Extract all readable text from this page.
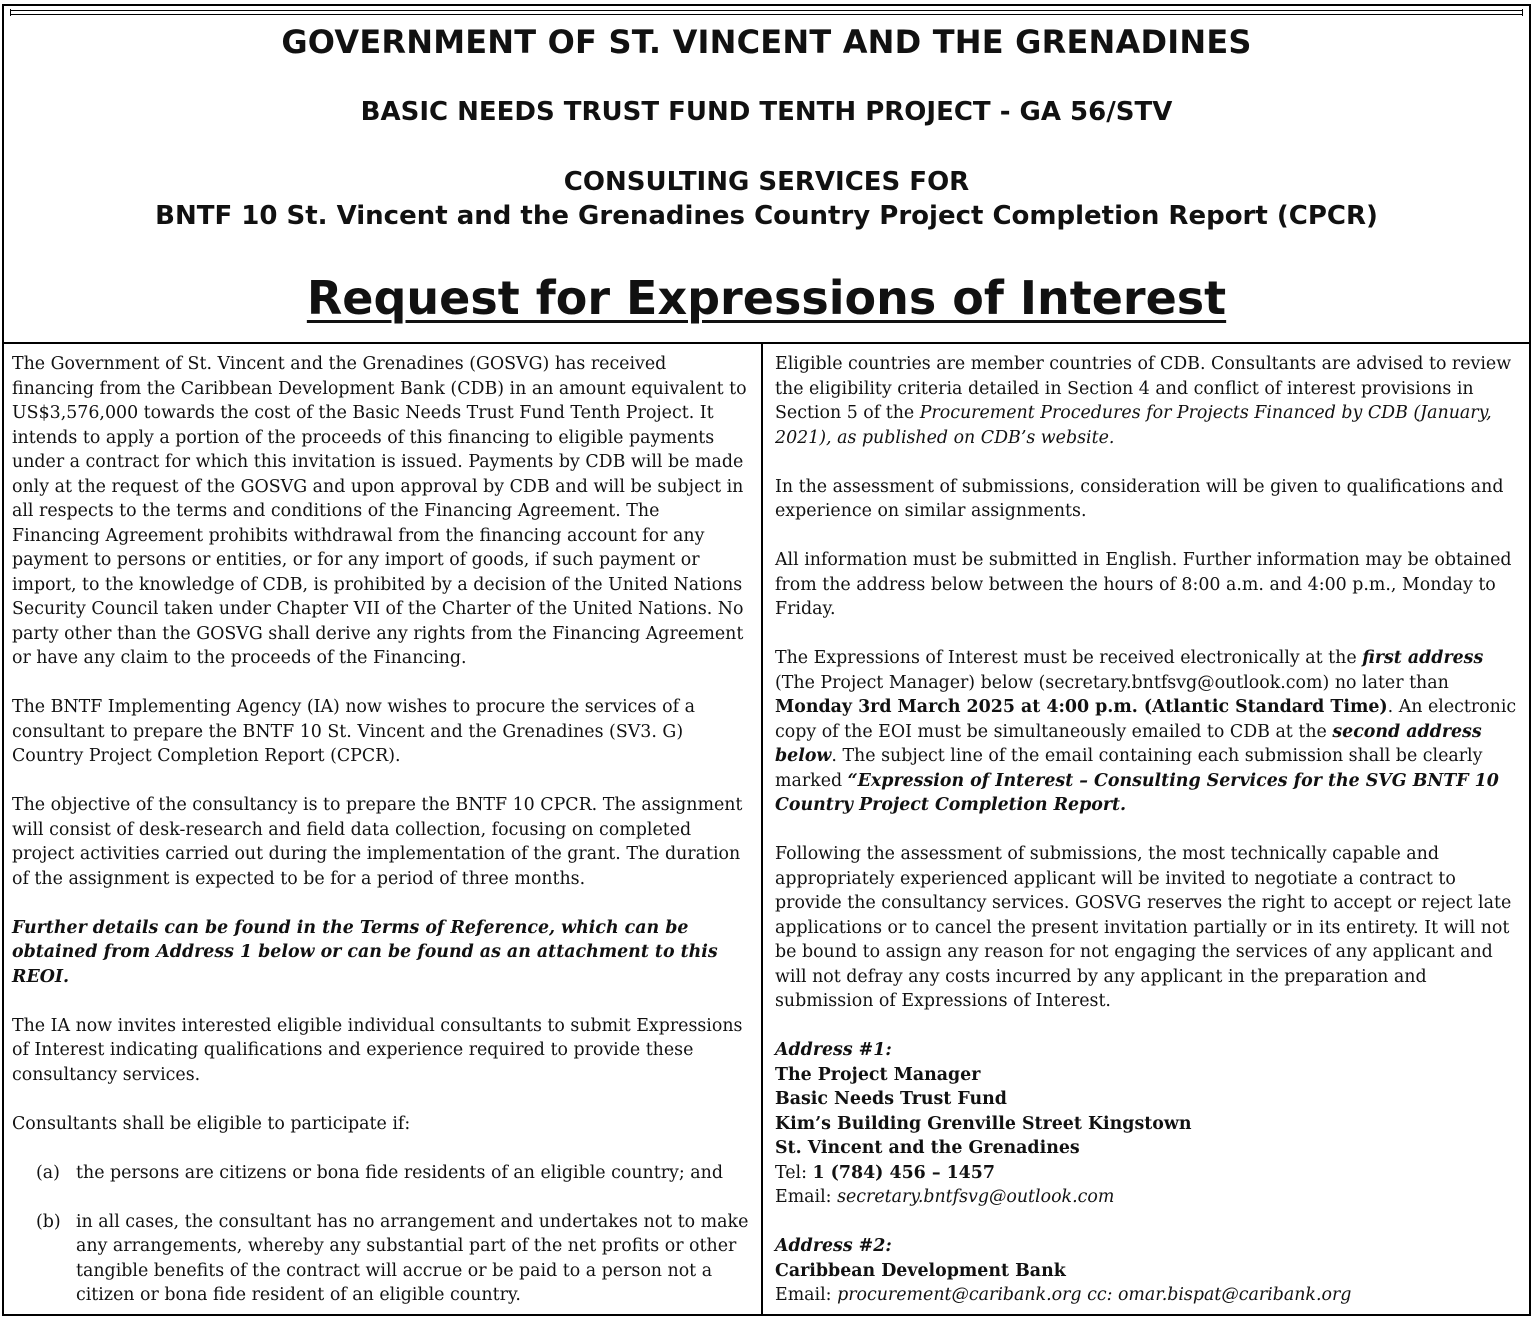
GOVERNMENT OF ST. VINCENT AND THE GRENADINES
BASIC NEEDS TRUST FUND TENTH PROJECT - GA 56/STV
CONSULTING SERVICES FOR
BNTF 10 St. Vincent and the Grenadines Country Project Completion Report (CPCR)
Request for Expressions of Interest

The Government of St. Vincent and the Grenadines (GOSVG) has received financing from the Caribbean Development Bank (CDB) in an amount equivalent to US$3,576,000 towards the cost of the Basic Needs Trust Fund Tenth Project. It intends to apply a portion of the proceeds of this financing to eligible payments under a contract for which this invitation is issued. Payments by CDB will be made only at the request of the GOSVG and upon approval by CDB and will be subject in all respects to the terms and conditions of the Financing Agreement. The Financing Agreement prohibits withdrawal from the financing account for any payment to persons or entities, or for any import of goods, if such payment or import, to the knowledge of CDB, is prohibited by a decision of the United Nations Security Council taken under Chapter VII of the Charter of the United Nations. No party other than the GOSVG shall derive any rights from the Financing Agreement or have any claim to the proceeds of the Financing.

The BNTF Implementing Agency (IA) now wishes to procure the services of a consultant to prepare the BNTF 10 St. Vincent and the Grenadines (SV3. G) Country Project Completion Report (CPCR).

The objective of the consultancy is to prepare the BNTF 10 CPCR. The assignment will consist of desk-research and field data collection, focusing on completed project activities carried out during the implementation of the grant. The duration of the assignment is expected to be for a period of three months.

Further details can be found in the Terms of Reference, which can be obtained from Address 1 below or can be found as an attachment to this REOI.

The IA now invites interested eligible individual consultants to submit Expressions of Interest indicating qualifications and experience required to provide these consultancy services.

Consultants shall be eligible to participate if:

(a) the persons are citizens or bona fide residents of an eligible country; and
(b) in all cases, the consultant has no arrangement and undertakes not to make any arrangements, whereby any substantial part of the net profits or other tangible benefits of the contract will accrue or be paid to a person not a citizen or bona fide resident of an eligible country.

Eligible countries are member countries of CDB. Consultants are advised to review the eligibility criteria detailed in Section 4 and conflict of interest provisions in Section 5 of the Procurement Procedures for Projects Financed by CDB (January, 2021), as published on CDB’s website.

In the assessment of submissions, consideration will be given to qualifications and experience on similar assignments.

All information must be submitted in English. Further information may be obtained from the address below between the hours of 8:00 a.m. and 4:00 p.m., Monday to Friday.

The Expressions of Interest must be received electronically at the first address (The Project Manager) below (secretary.bntfsvg@outlook.com) no later than Monday 3rd March 2025 at 4:00 p.m. (Atlantic Standard Time). An electronic copy of the EOI must be simultaneously emailed to CDB at the second address below. The subject line of the email containing each submission shall be clearly marked “Expression of Interest – Consulting Services for the SVG BNTF 10 Country Project Completion Report.

Following the assessment of submissions, the most technically capable and appropriately experienced applicant will be invited to negotiate a contract to provide the consultancy services. GOSVG reserves the right to accept or reject late applications or to cancel the present invitation partially or in its entirety. It will not be bound to assign any reason for not engaging the services of any applicant and will not defray any costs incurred by any applicant in the preparation and submission of Expressions of Interest.

Address #1:

The Project Manager

Basic Needs Trust Fund

Kim’s Building Grenville Street Kingstown

St. Vincent and the Grenadines

Tel: 1 (784) 456 – 1457

Email: secretary.bntfsvg@outlook.com

Address #2:

Caribbean Development Bank

Email: procurement@caribank.org cc: omar.bispat@caribank.org
